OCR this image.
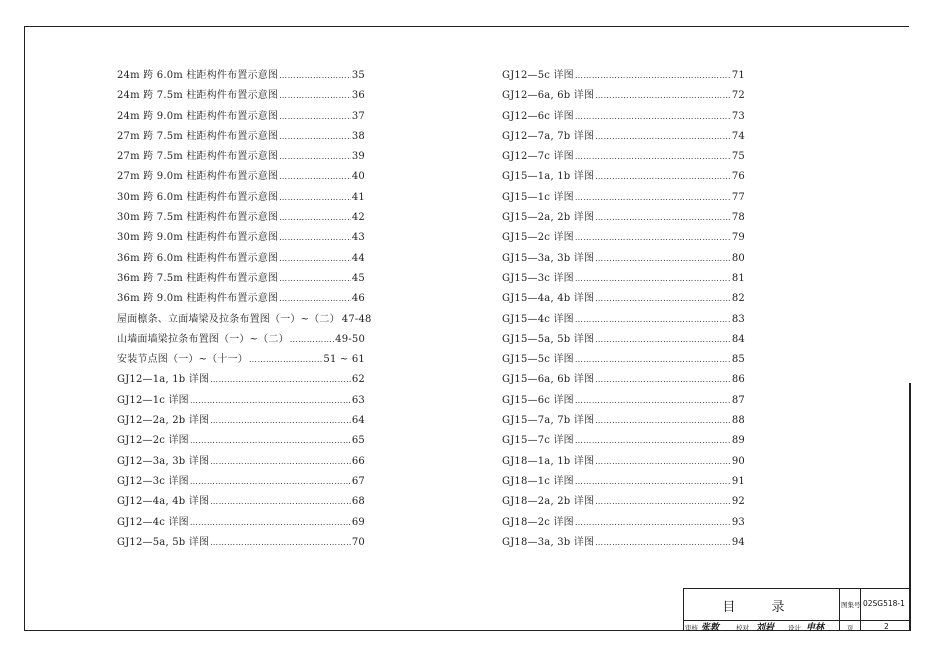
24m 跨 6.0m 柱距构件布置示意图 ……………………………………………………………………………………………………………	35
24m 跨 7.5m 柱距构件布置示意图 ……………………………………………………………………………………………………………	36
24m 跨 9.0m 柱距构件布置示意图 ……………………………………………………………………………………………………………	37
27m 跨 7.5m 柱距构件布置示意图 ……………………………………………………………………………………………………………	38
27m 跨 7.5m 柱距构件布置示意图 ……………………………………………………………………………………………………………	39
27m 跨 9.0m 柱距构件布置示意图 ……………………………………………………………………………………………………………	40
30m 跨 6.0m 柱距构件布置示意图 ……………………………………………………………………………………………………………	41
30m 跨 7.5m 柱距构件布置示意图 ……………………………………………………………………………………………………………	42
30m 跨 9.0m 柱距构件布置示意图 ……………………………………………………………………………………………………………	43
36m 跨 6.0m 柱距构件布置示意图 ……………………………………………………………………………………………………………	44
36m 跨 7.5m 柱距构件布置示意图 ……………………………………………………………………………………………………………	45
36m 跨 9.0m 柱距构件布置示意图 ……………………………………………………………………………………………………………	46
屋面檩条、立面墙梁及拉条布置图（一）~（二） 47-48
山墙面墙梁拉条布置图（一）~（二） ……………………………………………………………………………………………………………	49-50
安装节点图（一）~（十一） ……………………………………………………………………………………………………………	51 ~ 61
GJ12—1a, 1b 详图 ……………………………………………………………………………………………………………	62
GJ12—1c 详图 ……………………………………………………………………………………………………………	63
GJ12—2a, 2b 详图 ……………………………………………………………………………………………………………	64
GJ12—2c 详图 ……………………………………………………………………………………………………………	65
GJ12—3a, 3b 详图 ……………………………………………………………………………………………………………	66
GJ12—3c 详图 ……………………………………………………………………………………………………………	67
GJ12—4a, 4b 详图 ……………………………………………………………………………………………………………	68
GJ12—4c 详图 ……………………………………………………………………………………………………………	69
GJ12—5a, 5b 详图 ……………………………………………………………………………………………………………	70
GJ12—5c 详图 ……………………………………………………………………………………………………………	71
GJ12—6a, 6b 详图 ……………………………………………………………………………………………………………	72
GJ12—6c 详图 ……………………………………………………………………………………………………………	73
GJ12—7a, 7b 详图 ……………………………………………………………………………………………………………	74
GJ12—7c 详图 ……………………………………………………………………………………………………………	75
GJ15—1a, 1b 详图 ……………………………………………………………………………………………………………	76
GJ15—1c 详图 ……………………………………………………………………………………………………………	77
GJ15—2a, 2b 详图 ……………………………………………………………………………………………………………	78
GJ15—2c 详图 ……………………………………………………………………………………………………………	79
GJ15—3a, 3b 详图 ……………………………………………………………………………………………………………	80
GJ15—3c 详图 ……………………………………………………………………………………………………………	81
GJ15—4a, 4b 详图 ……………………………………………………………………………………………………………	82
GJ15—4c 详图 ……………………………………………………………………………………………………………	83
GJ15—5a, 5b 详图 ……………………………………………………………………………………………………………	84
GJ15—5c 详图 ……………………………………………………………………………………………………………	85
GJ15—6a, 6b 详图 ……………………………………………………………………………………………………………	86
GJ15—6c 详图 ……………………………………………………………………………………………………………	87
GJ15—7a, 7b 详图 ……………………………………………………………………………………………………………	88
GJ15—7c 详图 ……………………………………………………………………………………………………………	89
GJ18—1a, 1b 详图 ……………………………………………………………………………………………………………	90
GJ18—1c 详图 ……………………………………………………………………………………………………………	91
GJ18—2a, 2b 详图 ……………………………………………………………………………………………………………	92
GJ18—2c 详图 ……………………………………………………………………………………………………………	93
GJ18—3a, 3b 详图 ……………………………………………………………………………………………………………	94
目 录	图集号 02SG518-1
审核 张敦	校对 刘岩 设计 申林	页	2
